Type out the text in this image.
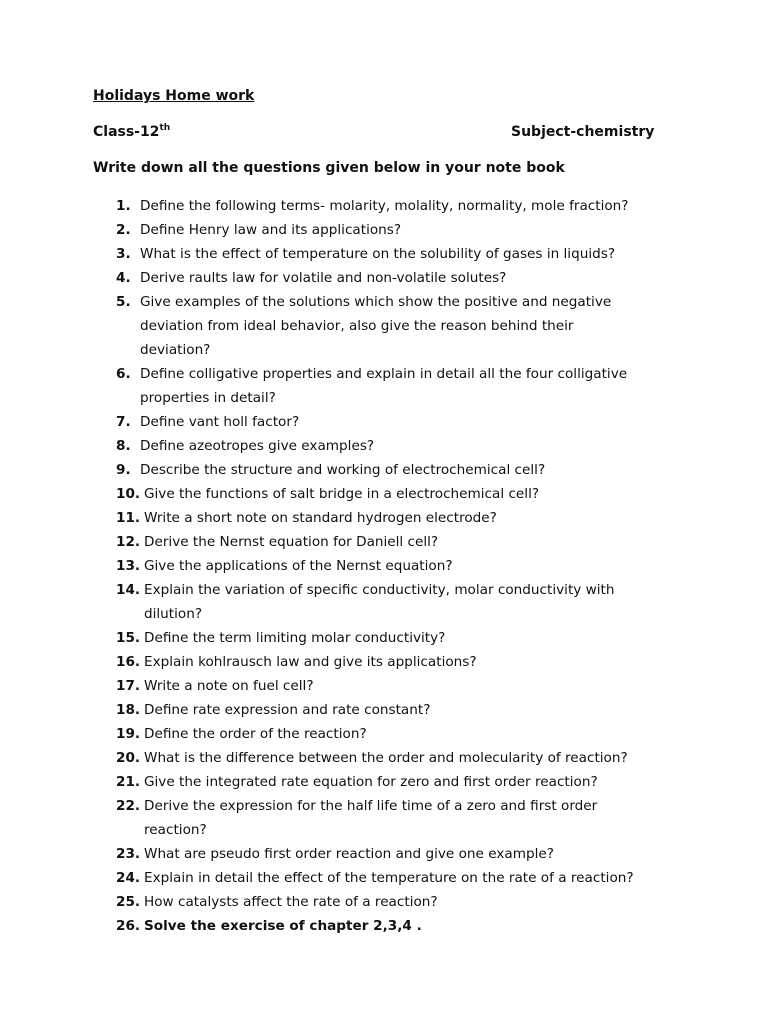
Holidays Home work
Class-12th	Subject-chemistry
Write down all the questions given below in your note book
1. Define the following terms- molarity, molality, normality, mole fraction?
2. Define Henry law and its applications?
3. What is the effect of temperature on the solubility of gases in liquids?
4. Derive raults law for volatile and non-volatile solutes?
5. Give examples of the solutions which show the positive and negative
deviation from ideal behavior, also give the reason behind their
deviation?
6. Define colligative properties and explain in detail all the four colligative
properties in detail?
7. Define vant holl factor?
8. Define azeotropes give examples?
9. Describe the structure and working of electrochemical cell?
10. Give the functions of salt bridge in a electrochemical cell?
11. Write a short note on standard hydrogen electrode?
12. Derive the Nernst equation for Daniell cell?
13. Give the applications of the Nernst equation?
14. Explain the variation of specific conductivity, molar conductivity with
dilution?
15. Define the term limiting molar conductivity?
16. Explain kohlrausch law and give its applications?
17. Write a note on fuel cell?
18. Define rate expression and rate constant?
19. Define the order of the reaction?
20. What is the difference between the order and molecularity of reaction?
21. Give the integrated rate equation for zero and first order reaction?
22. Derive the expression for the half life time of a zero and first order
reaction?
23. What are pseudo first order reaction and give one example?
24. Explain in detail the effect of the temperature on the rate of a reaction?
25. How catalysts affect the rate of a reaction?
26. Solve the exercise of chapter 2,3,4 .
